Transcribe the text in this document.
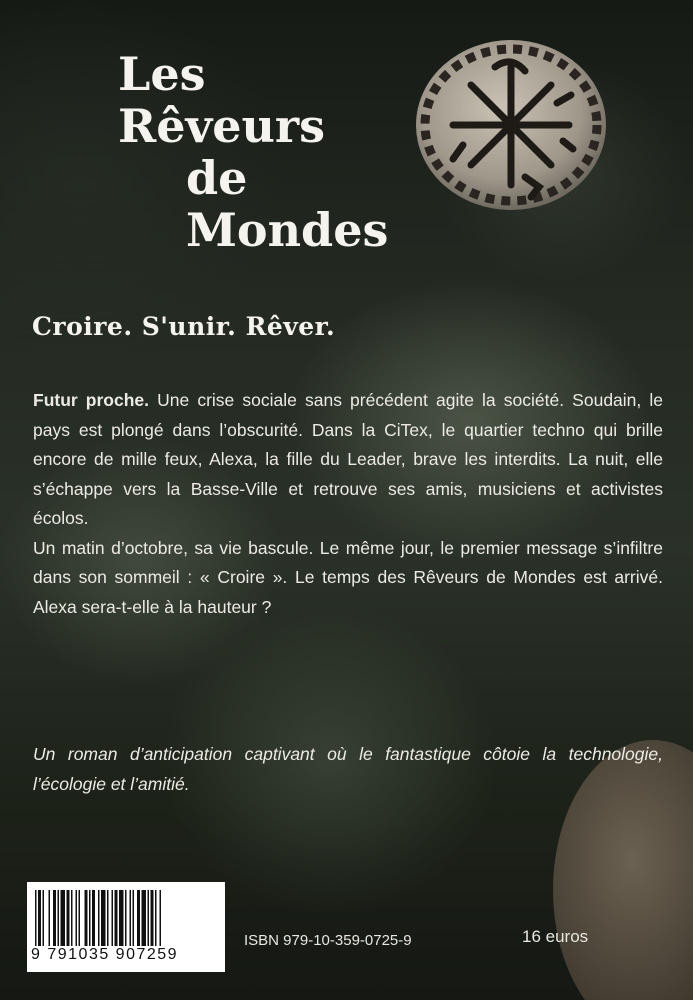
Les
Rêveurs
de
Mondes

Croire. S'unir. Rêver.

Futur proche. Une crise sociale sans précédent agite la société. Soudain, le pays est plongé dans l’obscurité. Dans la CiTex, le quartier techno qui brille encore de mille feux, Alexa, la fille du Leader, brave les interdits. La nuit, elle s’échappe vers la Basse-Ville et retrouve ses amis, musiciens et activistes écolos.

Un matin d’octobre, sa vie bascule. Le même jour, le premier message s’infiltre dans son sommeil : « Croire ». Le temps des Rêveurs de Mondes est arrivé. Alexa sera-t-elle à la hauteur ?

Un roman d’anticipation captivant où le fantastique côtoie la technologie, l’écologie et l’amitié.

9 791035 907259

ISBN 979-10-359-0725-9	16 euros
